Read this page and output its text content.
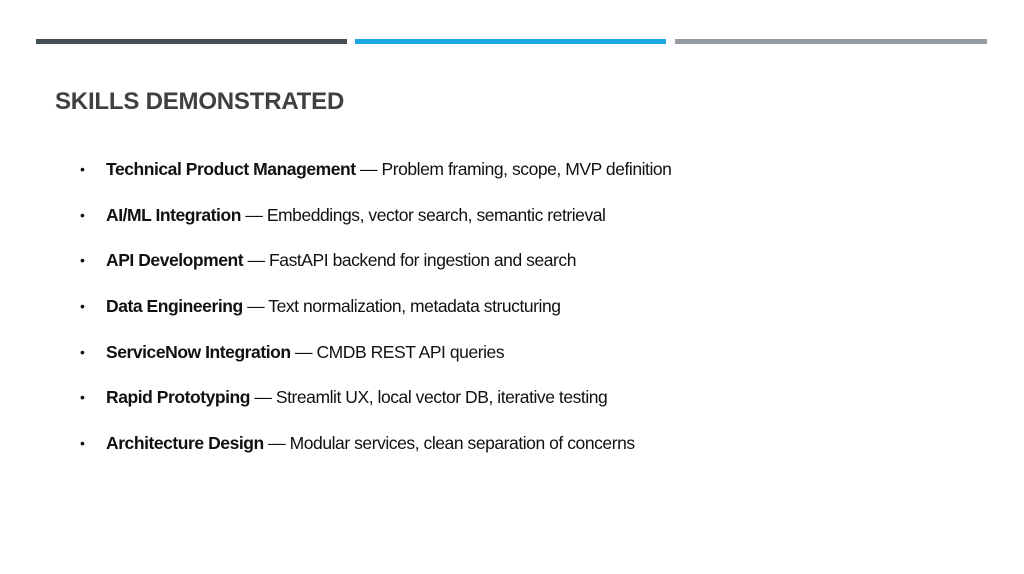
SKILLS DEMONSTRATED
• Technical Product Management — Problem framing, scope, MVP definition
• AI/ML Integration — Embeddings, vector search, semantic retrieval
• API Development — FastAPI backend for ingestion and search
• Data Engineering — Text normalization, metadata structuring
• ServiceNow Integration — CMDB REST API queries
• Rapid Prototyping — Streamlit UX, local vector DB, iterative testing
• Architecture Design — Modular services, clean separation of concerns
